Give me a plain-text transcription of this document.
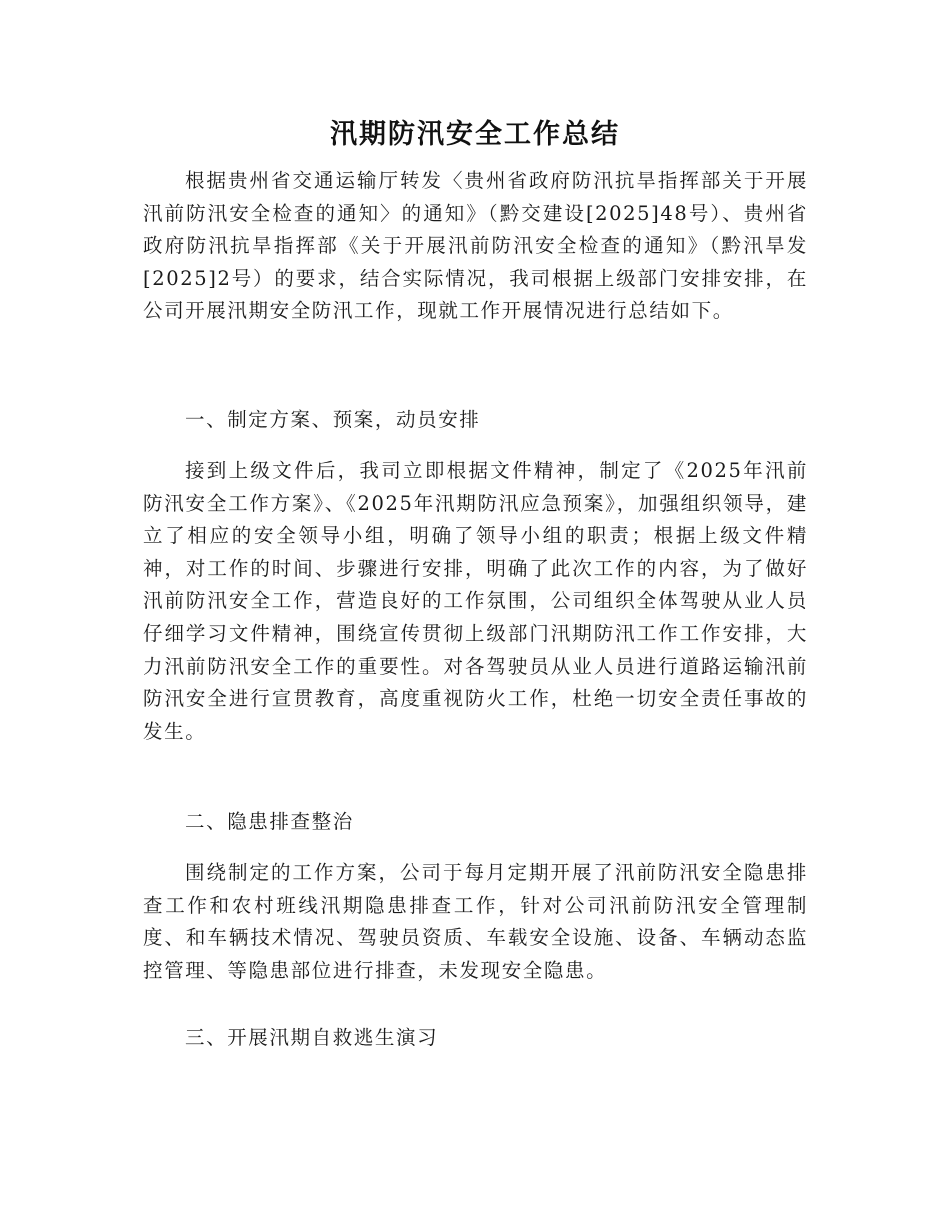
汛期防汛安全工作总结

根据贵州省交通运输厅转发〈贵州省政府防汛抗旱指挥部关于开展汛前防汛安全检查的通知〉的通知》（黔交建设[2025]48号）、贵州省政府防汛抗旱指挥部《关于开展汛前防汛安全检查的通知》（黔汛旱发[2025]2号）的要求，结合实际情况，我司根据上级部门安排安排，在公司开展汛期安全防汛工作，现就工作开展情况进行总结如下。

一、制定方案、预案，动员安排

接到上级文件后，我司立即根据文件精神，制定了《2025年汛前防汛安全工作方案》、《2025年汛期防汛应急预案》，加强组织领导，建立了相应的安全领导小组，明确了领导小组的职责；根据上级文件精神，对工作的时间、步骤进行安排，明确了此次工作的内容，为了做好汛前防汛安全工作，营造良好的工作氛围，公司组织全体驾驶从业人员仔细学习文件精神，围绕宣传贯彻上级部门汛期防汛工作工作安排，大力汛前防汛安全工作的重要性。对各驾驶员从业人员进行道路运输汛前防汛安全进行宣贯教育，高度重视防火工作，杜绝一切安全责任事故的发生。

二、隐患排查整治

围绕制定的工作方案，公司于每月定期开展了汛前防汛安全隐患排查工作和农村班线汛期隐患排查工作，针对公司汛前防汛安全管理制度、和车辆技术情况、驾驶员资质、车载安全设施、设备、车辆动态监控管理、等隐患部位进行排查，未发现安全隐患。

三、开展汛期自救逃生演习
